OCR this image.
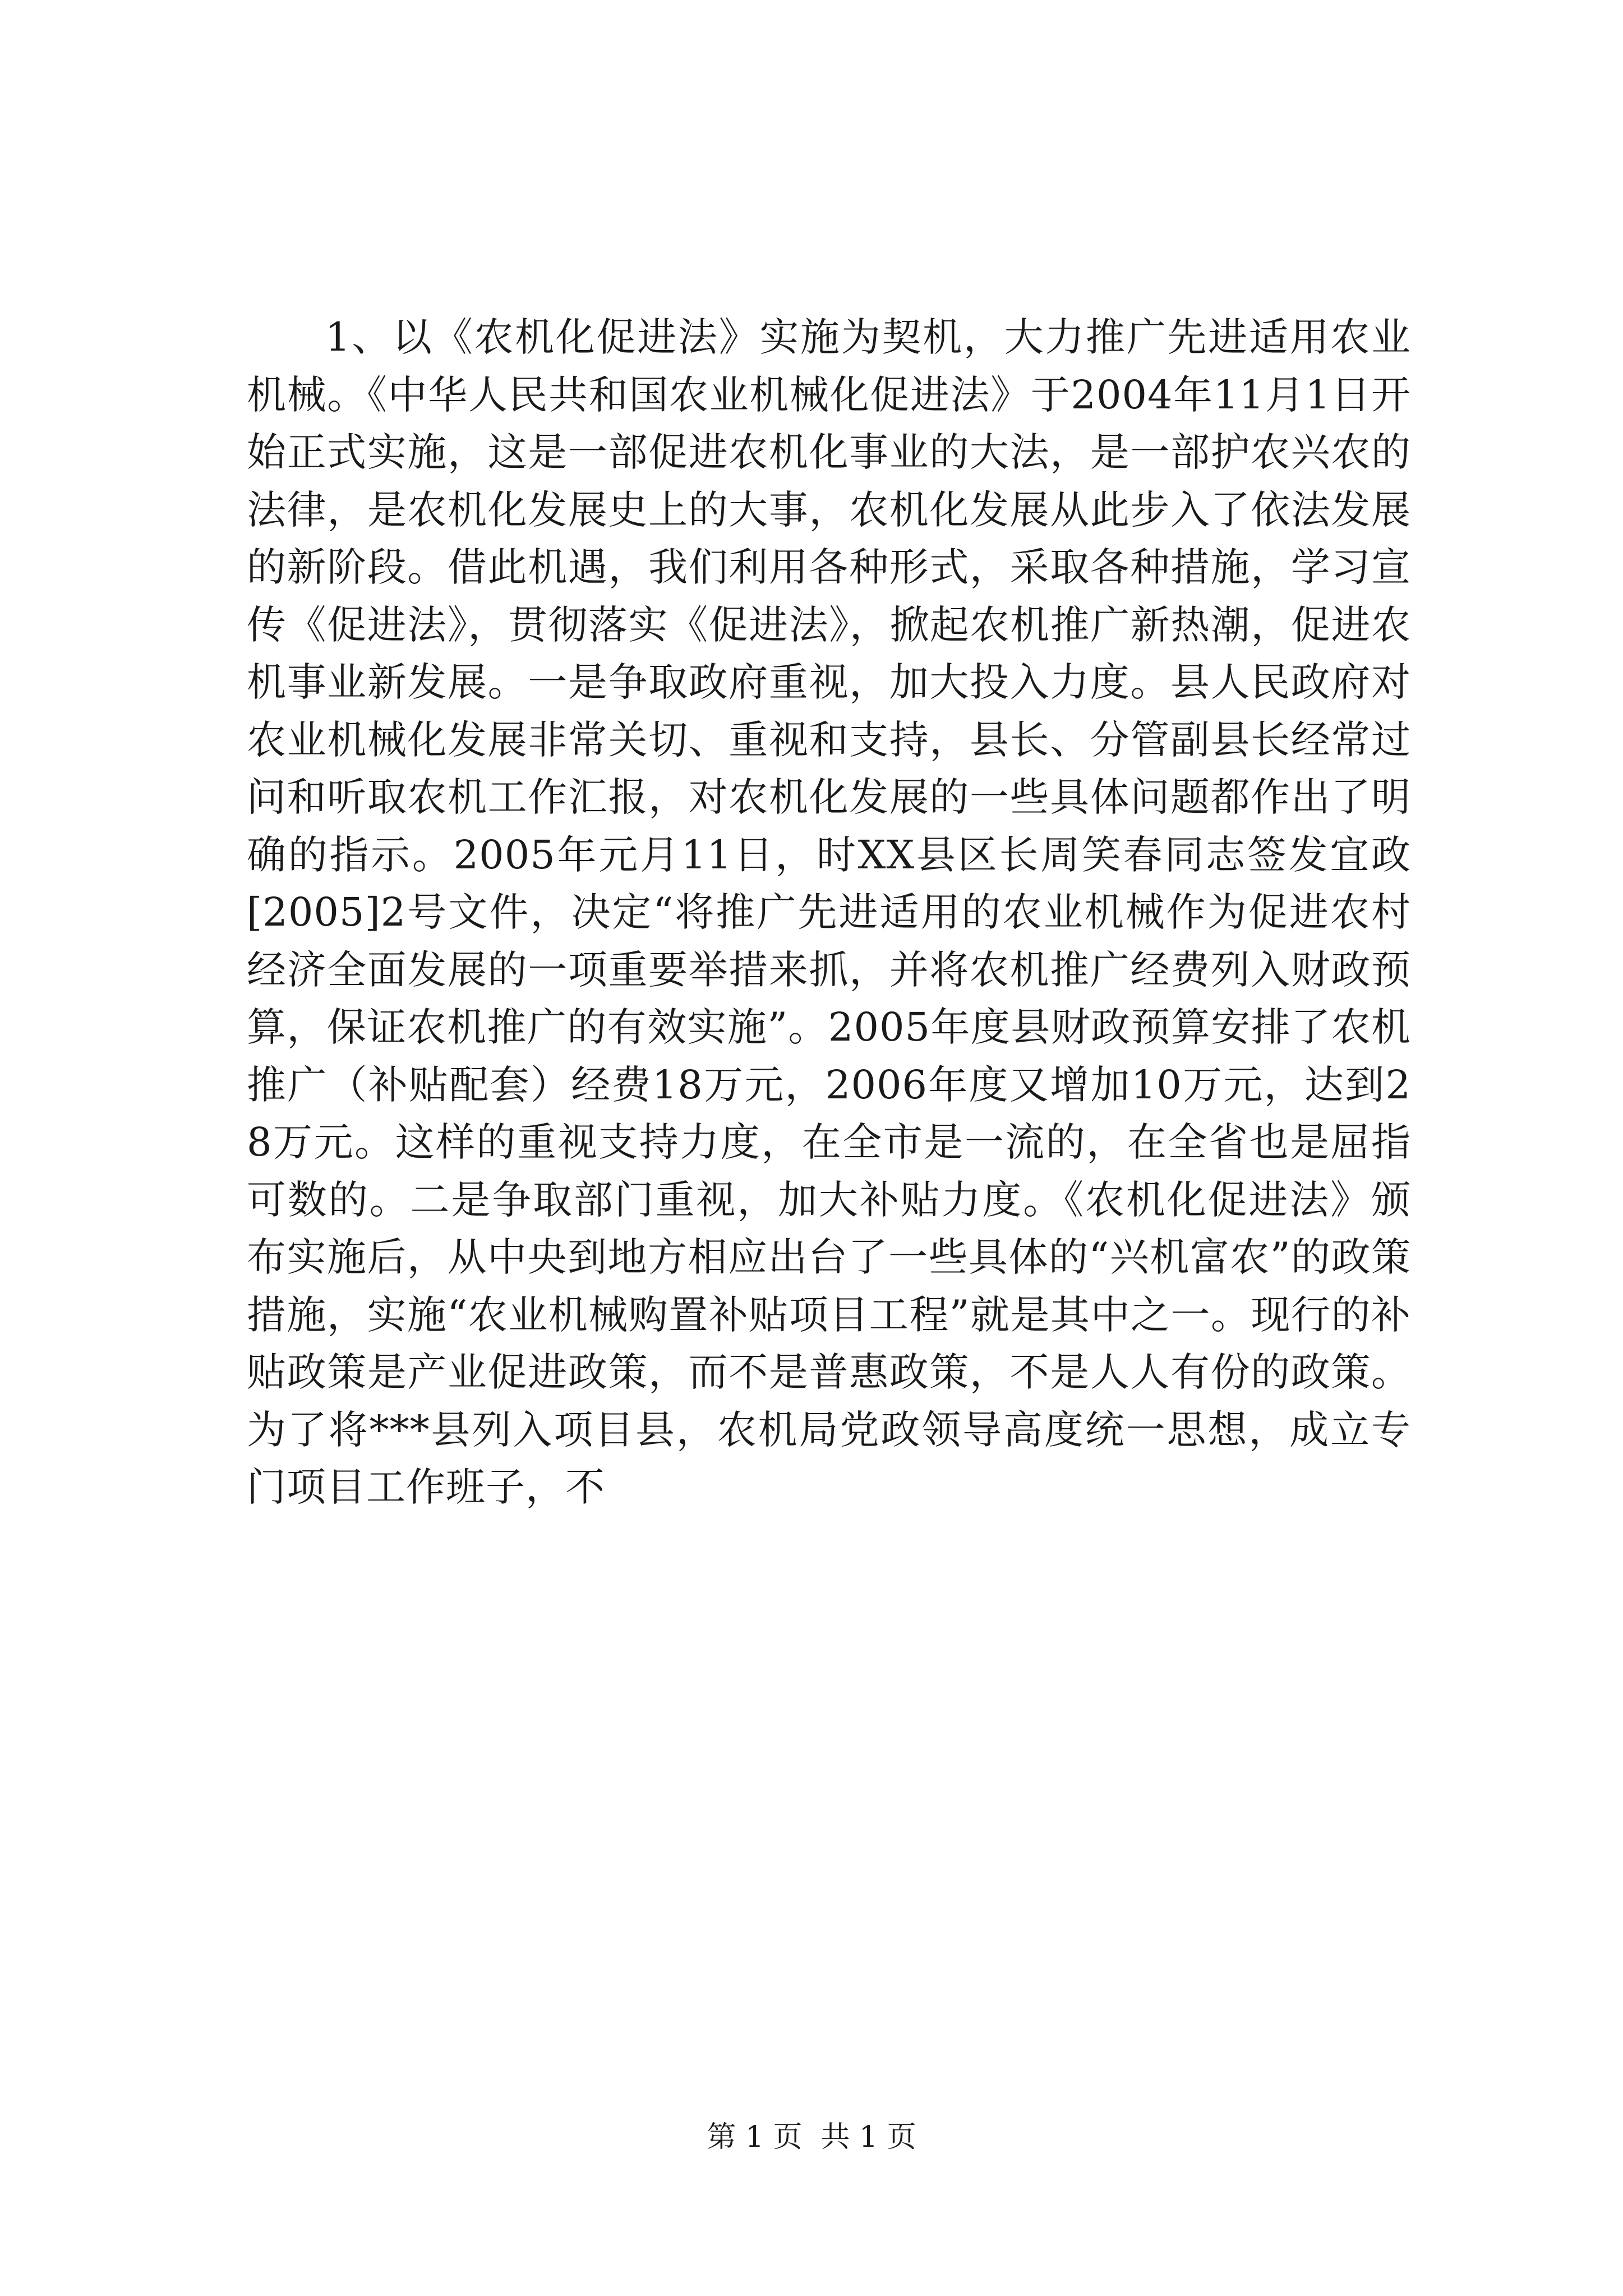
1、以《农机化促进法》实施为契机，大力推广先进适用农业机械。《中华人民共和国农业机械化促进法》于2004年11月1日开始正式实施，这是一部促进农机化事业的大法，是一部护农兴农的法律，是农机化发展史上的大事，农机化发展从此步入了依法发展的新阶段。借此机遇，我们利用各种形式，采取各种措施，学习宣传《促进法》，贯彻落实《促进法》，掀起农机推广新热潮，促进农机事业新发展。一是争取政府重视，加大投入力度。县人民政府对农业机械化发展非常关切、重视和支持，县长、分管副县长经常过问和听取农机工作汇报，对农机化发展的一些具体问题都作出了明确的指示。2005年元月11日，时XX县区长周笑春同志签发宜政[2005]2号文件，决定“将推广先进适用的农业机械作为促进农村经济全面发展的一项重要举措来抓，并将农机推广经费列入财政预算，保证农机推广的有效实施”。2005年度县财政预算安排了农机推广（补贴配套）经费18万元，2006年度又增加10万元，达到28万元。这样的重视支持力度，在全市是一流的，在全省也是屈指可数的。二是争取部门重视，加大补贴力度。《农机化促进法》颁布实施后，从中央到地方相应出台了一些具体的“兴机富农”的政策措施，实施“农业机械购置补贴项目工程”就是其中之一。现行的补贴政策是产业促进政策，而不是普惠政策，不是人人有份的政策。为了将***县列入项目县，农机局党政领导高度统一思想，成立专门项目工作班子，不

第 1 页  共 1 页
